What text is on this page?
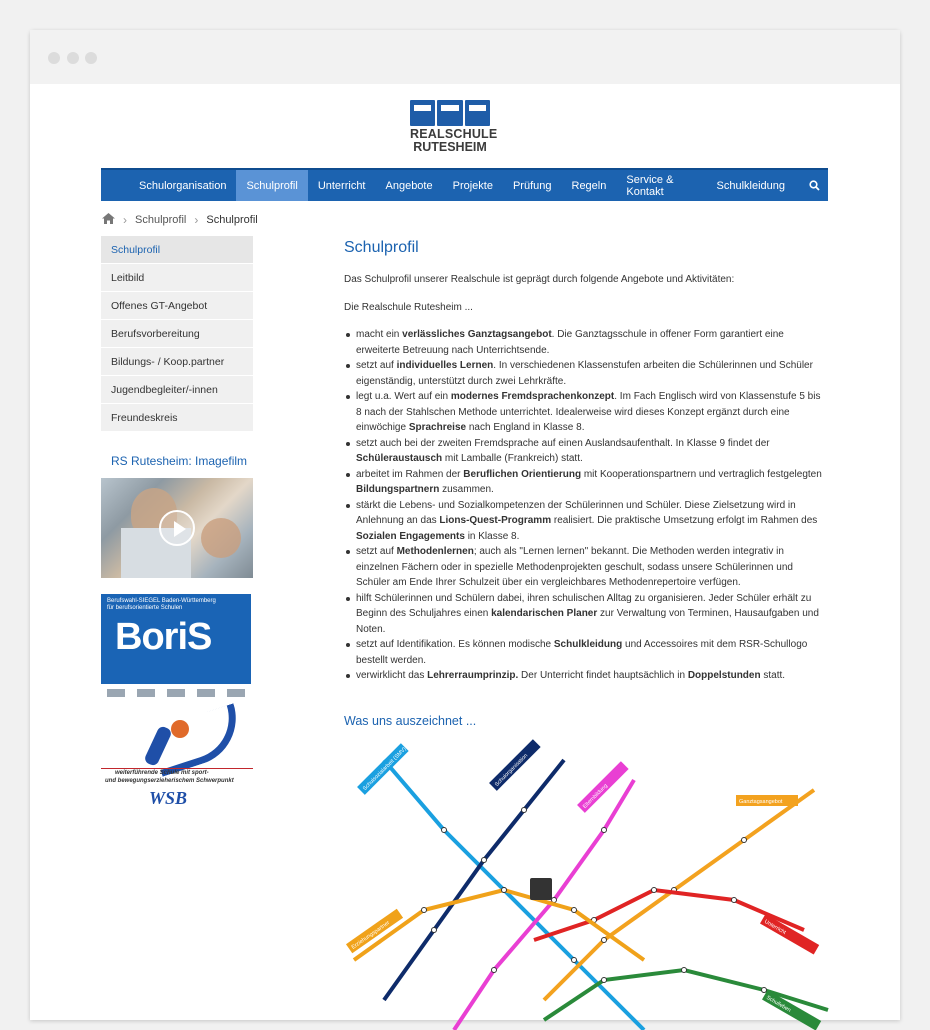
REALSCHULE
RUTESHEIM
Schulorganisation	Schulprofil	Unterricht	Angebote	Projekte	Prüfung	Regeln	Service & Kontakt	Schulkleidung
› Schulprofil › Schulprofil
Schulprofil
Leitbild
Offenes GT-Angebot
Berufsvorbereitung
Bildungs- / Koop.partner
Jugendbegleiter/-innen
Freundeskreis
RS Rutesheim: Imagefilm
Berufswahl-SIEGEL Baden-Württemberg
für berufsorientierte Schulen
BoriS
weiterführende Schule mit sport-
und bewegungserzieherischem Schwerpunkt
WSB
Schulprofil

Das Schulprofil unserer Realschule ist geprägt durch folgende Angebote und Aktivitäten:

Die Realschule Rutesheim ...

macht ein verlässliches Ganztagsangebot. Die Ganztagsschule in offener Form garantiert eine erweiterte Betreuung nach Unterrichtsende.
setzt auf individuelles Lernen. In verschiedenen Klassenstufen arbeiten die Schülerinnen und Schüler eigenständig, unterstützt durch zwei Lehrkräfte.
legt u.a. Wert auf ein modernes Fremdsprachenkonzept. Im Fach Englisch wird von Klassenstufe 5 bis 8 nach der Stahlschen Methode unterrichtet. Idealerweise wird dieses Konzept ergänzt durch eine einwöchige Sprachreise nach England in Klasse 8.
setzt auch bei der zweiten Fremdsprache auf einen Auslandsaufenthalt. In Klasse 9 findet der Schüleraustausch mit Lamballe (Frankreich) statt.
arbeitet im Rahmen der Beruflichen Orientierung mit Kooperationspartnern und vertraglich festgelegten Bildungspartnern zusammen.
stärkt die Lebens- und Sozialkompetenzen der Schülerinnen und Schüler. Diese Zielsetzung wird in Anlehnung an das Lions-Quest-Programm realisiert. Die praktische Umsetzung erfolgt im Rahmen des Sozialen Engagements in Klasse 8.
setzt auf Methodenlernen; auch als "Lernen lernen" bekannt. Die Methoden werden integrativ in einzelnen Fächern oder in spezielle Methodenprojekten geschult, sodass unsere Schülerinnen und Schüler am Ende Ihrer Schulzeit über ein vergleichbares Methodenrepertoire verfügen.
hilft Schülerinnen und Schülern dabei, ihren schulischen Alltag zu organisieren. Jeder Schüler erhält zu Beginn des Schuljahres einen kalendarischen Planer zur Verwaltung von Terminen, Hausaufgaben und Noten.
setzt auf Identifikation. Es können modische Schulkleidung und Accessoires mit dem RSR-Schullogo bestellt werden.
verwirklicht das Lehrerraumprinzip. Der Unterricht findet hauptsächlich in Doppelstunden statt.
Was uns auszeichnet ...
Schulsozialarbeit (SMV)	Schulorganisation
Elternbildung	Ganztagsangebot
Unterricht
Erziehungspartner
Schulleben
